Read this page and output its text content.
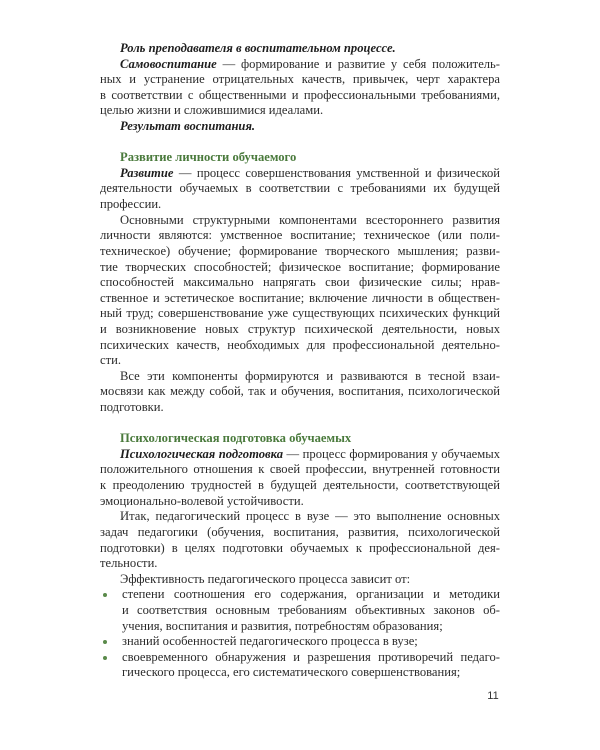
Роль преподавателя в воспитательном процессе.
Самовоспитание — формирование и развитие у себя положитель-
ных и устранение отрицательных качеств, привычек, черт характера
в соответствии с общественными и профессиональными требованиями,
целью жизни и сложившимися идеалами.
Результат воспитания.
Развитие личности обучаемого
Развитие — процесс совершенствования умственной и физической
деятельности обучаемых в соответствии с требованиями их будущей
профессии.
Основными структурными компонентами всестороннего развития
личности являются: умственное воспитание; техническое (или поли-
техническое) обучение; формирование творческого мышления; разви-
тие творческих способностей; физическое воспитание; формирование
способностей максимально напрягать свои физические силы; нрав-
ственное и эстетическое воспитание; включение личности в обществен-
ный труд; совершенствование уже существующих психических функций
и возникновение новых структур психической деятельности, новых
психических качеств, необходимых для профессиональной деятельно-
сти.
Все эти компоненты формируются и развиваются в тесной взаи-
мосвязи как между собой, так и обучения, воспитания, психологической
подготовки.
Психологическая подготовка обучаемых
Психологическая подготовка — процесс формирования у обучаемых
положительного отношения к своей профессии, внутренней готовности
к преодолению трудностей в будущей деятельности, соответствующей
эмоционально-волевой устойчивости.
Итак, педагогический процесс в вузе — это выполнение основных
задач педагогики (обучения, воспитания, развития, психологической
подготовки) в целях подготовки обучаемых к профессиональной дея-
тельности.
Эффективность педагогического процесса зависит от:
степени соотношения его содержания, организации и методики
и соответствия основным требованиям объективных законов об-
учения, воспитания и развития, потребностям образования;
знаний особенностей педагогического процесса в вузе;
своевременного обнаружения и разрешения противоречий педаго-
гического процесса, его систематического совершенствования;
11
